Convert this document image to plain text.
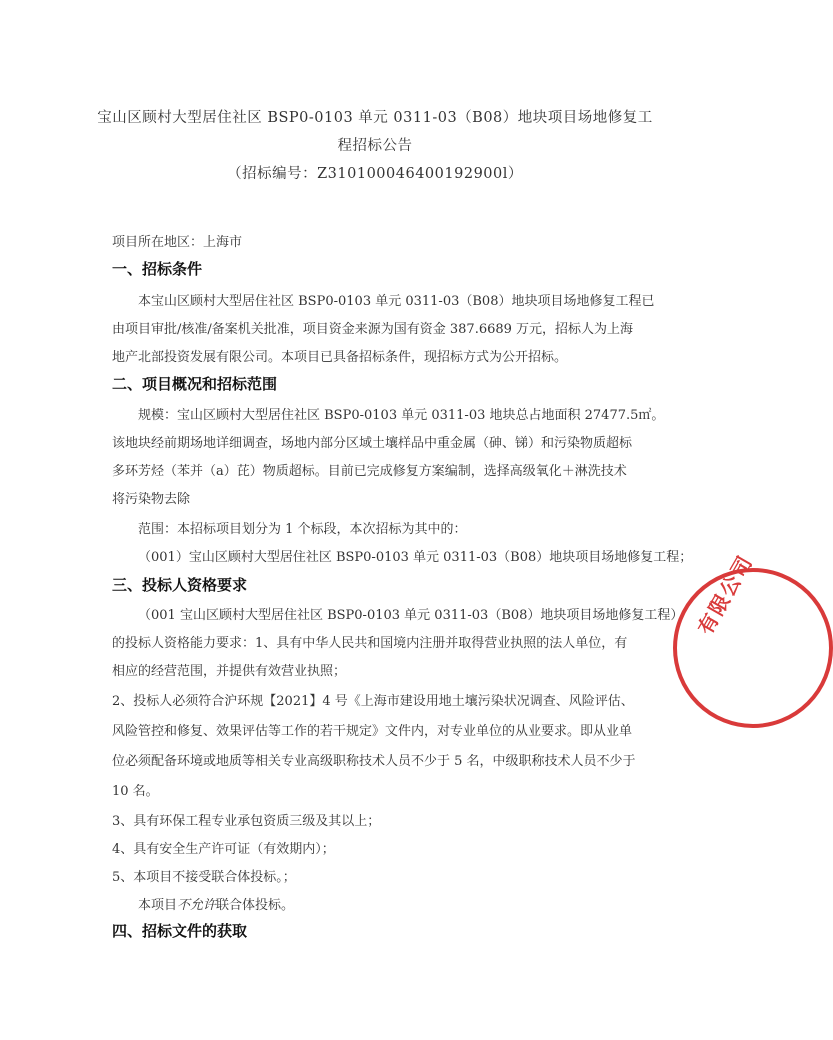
宝山区顾村大型居住社区 BSP0-0103 单元 0311-03（B08）地块项目场地修复工
程招标公告
（招标编号：Z310100046400192900l）
项目所在地区：上海市
一、招标条件
本宝山区顾村大型居住社区 BSP0-0103 单元 0311-03（B08）地块项目场地修复工程已
由项目审批/核准/备案机关批准，项目资金来源为国有资金 387.6689 万元，招标人为上海
地产北部投资发展有限公司。本项目已具备招标条件，现招标方式为公开招标。
二、项目概况和招标范围
规模：宝山区顾村大型居住社区 BSP0-0103 单元 0311-03 地块总占地面积 27477.5㎡。
该地块经前期场地详细调查，场地内部分区域土壤样品中重金属（砷、锑）和污染物质超标
多环芳烃（苯并（a）芘）物质超标。目前已完成修复方案编制，选择高级氧化＋淋洗技术
将污染物去除
范围：本招标项目划分为 1 个标段，本次招标为其中的：
（001）宝山区顾村大型居住社区 BSP0-0103 单元 0311-03（B08）地块项目场地修复工程；
三、投标人资格要求
（001 宝山区顾村大型居住社区 BSP0-0103 单元 0311-03（B08）地块项目场地修复工程）
的投标人资格能力要求：1、具有中华人民共和国境内注册并取得营业执照的法人单位，有
相应的经营范围，并提供有效营业执照；
2、投标人必须符合沪环规【2021】4 号《上海市建设用地土壤污染状况调查、风险评估、
风险管控和修复、效果评估等工作的若干规定》文件内，对专业单位的从业要求。即从业单
位必须配备环境或地质等相关专业高级职称技术人员不少于 5 名，中级职称技术人员不少于
10 名。
3、具有环保工程专业承包资质三级及其以上；
4、具有安全生产许可证（有效期内）；
5、本项目不接受联合体投标。；
本项目不允许联合体投标。
四、招标文件的获取
有限公司
